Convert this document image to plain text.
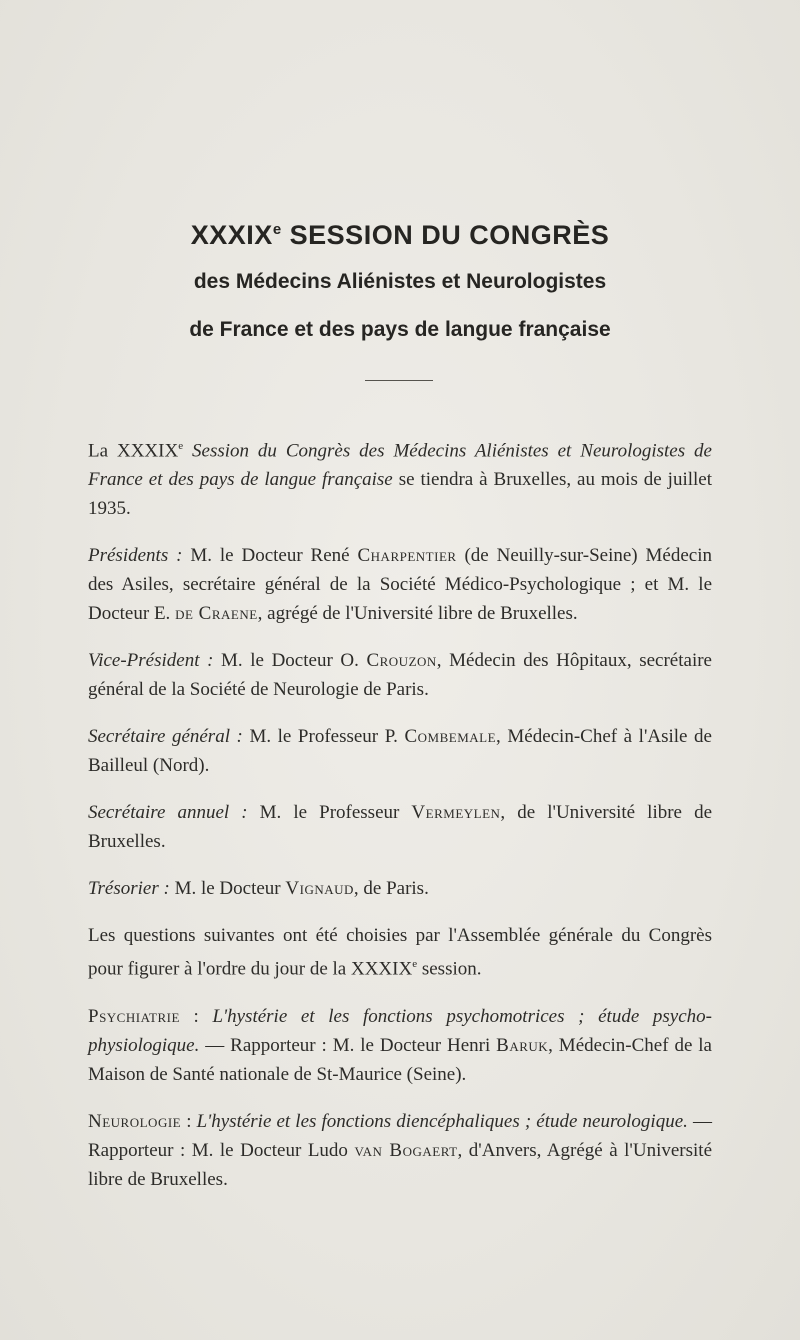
XXXIXe SESSION DU CONGRÈS
des Médecins Aliénistes et Neurologistes
de France et des pays de langue française

La XXXIXe Session du Congrès des Médecins Aliénistes et Neurologistes de France et des pays de langue française se tiendra à Bruxelles, au mois de juillet 1935.

Présidents : M. le Docteur René Charpentier (de Neuilly-sur-Seine) Médecin des Asiles, secrétaire général de la Société Médico-Psychologique ; et M. le Docteur E. de Craene, agrégé de l'Université libre de Bruxelles.

Vice-Président : M. le Docteur O. Crouzon, Médecin des Hôpitaux, secrétaire général de la Société de Neurologie de Paris.

Secrétaire général : M. le Professeur P. Combemale, Médecin-Chef à l'Asile de Bailleul (Nord).

Secrétaire annuel : M. le Professeur Vermeylen, de l'Université libre de Bruxelles.

Trésorier : M. le Docteur Vignaud, de Paris.

Les questions suivantes ont été choisies par l'Assemblée générale du Congrès pour figurer à l'ordre du jour de la XXXIXe session.

Psychiatrie : L'hystérie et les fonctions psychomotrices ; étude psycho-physiologique. — Rapporteur : M. le Docteur Henri Baruk, Médecin-Chef de la Maison de Santé nationale de St-Maurice (Seine).

Neurologie : L'hystérie et les fonctions diencéphaliques ; étude neurologique. — Rapporteur : M. le Docteur Ludo van Bogaert, d'Anvers, Agrégé à l'Université libre de Bruxelles.
